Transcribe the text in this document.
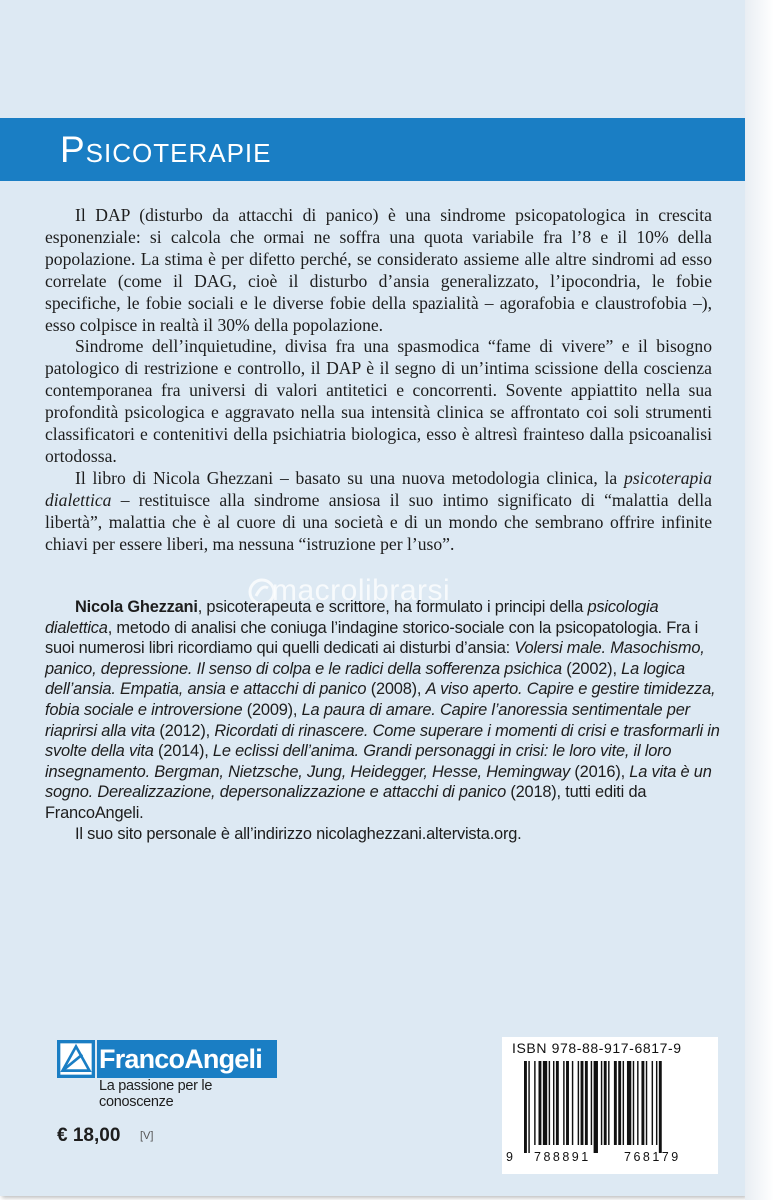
Psicoterapie

Il DAP (disturbo da attacchi di panico) è una sindrome psicopatologica in crescita esponenziale: si calcola che ormai ne soffra una quota variabile fra l’8 e il 10% della popolazione. La stima è per difetto perché, se considerato assieme alle altre sindromi ad esso correlate (come il DAG, cioè il disturbo d’ansia generalizzato, l’ipocondria, le fobie specifiche, le fobie sociali e le diverse fobie della spazialità – agorafobia e claustrofobia –), esso colpisce in realtà il 30% della popolazione.

Sindrome dell’inquietudine, divisa fra una spasmodica “fame di vivere” e il bisogno patologico di restrizione e controllo, il DAP è il segno di un’intima scissione della coscienza contemporanea fra universi di valori antitetici e concorrenti. Sovente appiattito nella sua profondità psicologica e aggravato nella sua intensità clinica se affrontato coi soli strumenti classificatori e contenitivi della psichiatria biologica, esso è altresì frainteso dalla psicoanalisi ortodossa.

Il libro di Nicola Ghezzani – basato su una nuova metodologia clinica, la psicoterapia dialettica – restituisce alla sindrome ansiosa il suo intimo significato di “malattia della libertà”, malattia che è al cuore di una società e di un mondo che sembrano offrire infinite chiavi per essere liberi, ma nessuna “istruzione per l’uso”.

macrolibrarsi

Nicola Ghezzani, psicoterapeuta e scrittore, ha formulato i principi della psicologia dialettica, metodo di analisi che coniuga l’indagine storico-sociale con la psicopatologia. Fra i suoi numerosi libri ricordiamo qui quelli dedicati ai disturbi d’ansia: Volersi male. Masochismo, panico, depressione. Il senso di colpa e le radici della sofferenza psichica (2002), La logica dell’ansia. Empatia, ansia e attacchi di panico (2008), A viso aperto. Capire e gestire timidezza, fobia sociale e introversione (2009), La paura di amare. Capire l’anoressia sentimentale per riaprirsi alla vita (2012), Ricordati di rinascere. Come superare i momenti di crisi e trasformarli in svolte della vita (2014), Le eclissi dell’anima. Grandi personaggi in crisi: le loro vite, il loro insegnamento. Bergman, Nietzsche, Jung, Heidegger, Hesse, Hemingway (2016), La vita è un sogno. Derealizzazione, depersonalizzazione e attacchi di panico (2018), tutti editi da FrancoAngeli.

Il suo sito personale è all’indirizzo nicolaghezzani.altervista.org.

FrancoAngeli
La passione per le conoscenze
€ 18,00 [V]
ISBN 978-88-917-6817-9
9 788891	768179
